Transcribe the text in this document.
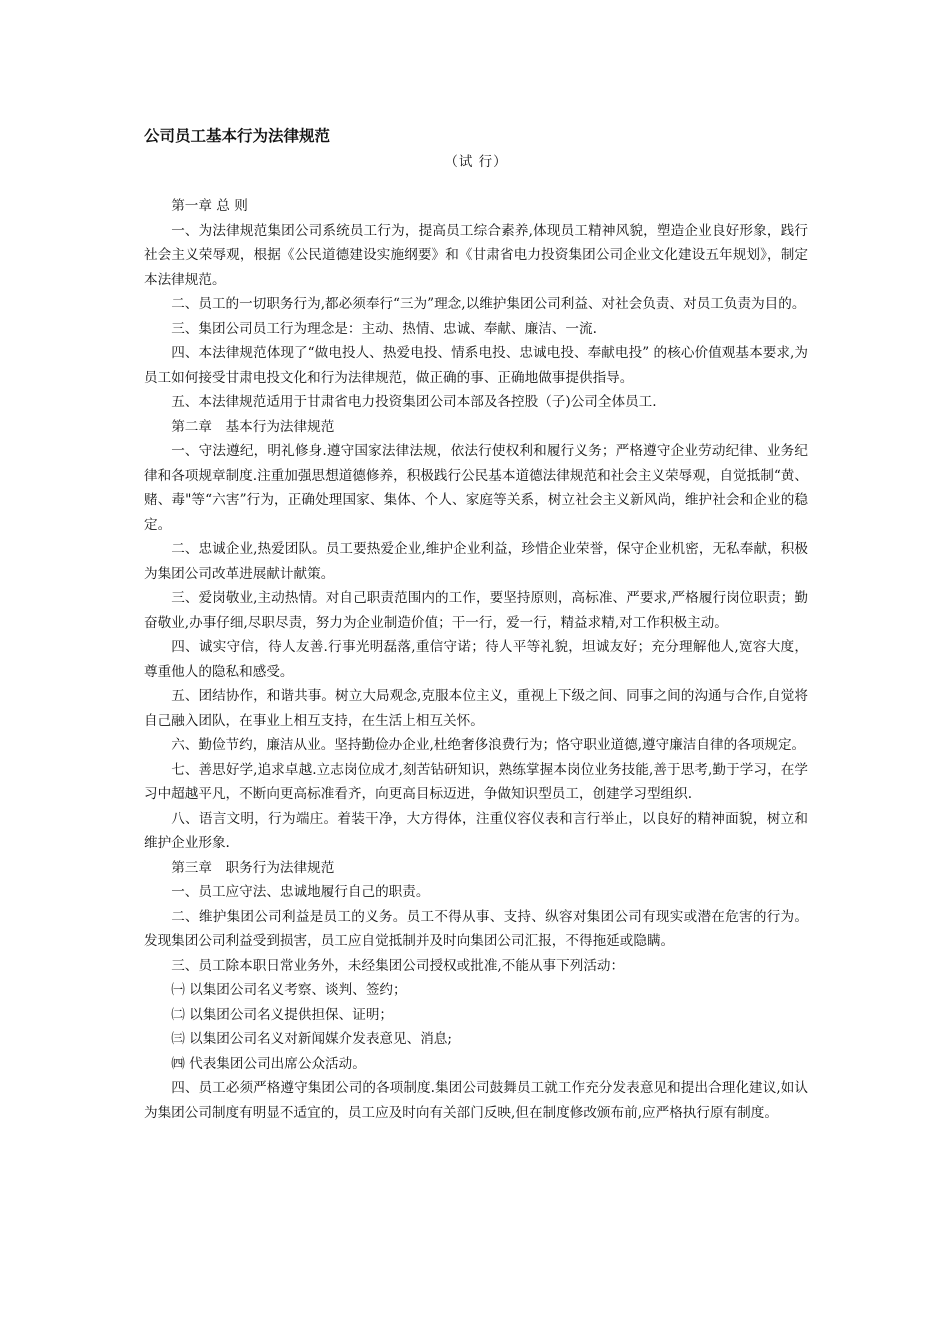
公司员工基本行为法律规范
（试 行）

第一章 总 则

一、为法律规范集团公司系统员工行为，提高员工综合素养,体现员工精神风貌，塑造企业良好形象，践行社会主义荣辱观，根据《公民道德建设实施纲要》和《甘肃省电力投资集团公司企业文化建设五年规划》，制定本法律规范。

二、员工的一切职务行为,都必须奉行“三为”理念,以维护集团公司利益、对社会负责、对员工负责为目的。

三、集团公司员工行为理念是：主动、热情、忠诚、奉献、廉洁、一流.

四、本法律规范体现了“做电投人、热爱电投、情系电投、忠诚电投、奉献电投” 的核心价值观基本要求,为员工如何接受甘肃电投文化和行为法律规范，做正确的事、正确地做事提供指导。

五、本法律规范适用于甘肃省电力投资集团公司本部及各控股（子)公司全体员工.

第二章　基本行为法律规范

一、守法遵纪，明礼修身.遵守国家法律法规，依法行使权利和履行义务；严格遵守企业劳动纪律、业务纪律和各项规章制度.注重加强思想道德修养，积极践行公民基本道德法律规范和社会主义荣辱观，自觉抵制“黄、赌、毒"等“六害”行为，正确处理国家、集体、个人、家庭等关系，树立社会主义新风尚，维护社会和企业的稳定。

二、忠诚企业,热爱团队。员工要热爱企业,维护企业利益，珍惜企业荣誉，保守企业机密，无私奉献，积极为集团公司改革进展献计献策。

三、爱岗敬业,主动热情。对自己职责范围内的工作，要坚持原则，高标准、严要求,严格履行岗位职责；勤奋敬业,办事仔细,尽职尽责，努力为企业制造价值；干一行，爱一行，精益求精,对工作积极主动。

四、诚实守信，待人友善.行事光明磊落,重信守诺；待人平等礼貌，坦诚友好；充分理解他人,宽容大度，尊重他人的隐私和感受。

五、团结协作，和谐共事。树立大局观念,克服本位主义，重视上下级之间、同事之间的沟通与合作,自觉将自己融入团队，在事业上相互支持，在生活上相互关怀。

六、勤俭节约，廉洁从业。坚持勤俭办企业,杜绝奢侈浪费行为；恪守职业道德,遵守廉洁自律的各项规定。

七、善思好学,追求卓越.立志岗位成才,刻苦钻研知识，熟练掌握本岗位业务技能,善于思考,勤于学习，在学习中超越平凡，不断向更高标准看齐，向更高目标迈进，争做知识型员工，创建学习型组织.

八、语言文明，行为端庄。着装干净，大方得体，注重仪容仪表和言行举止，以良好的精神面貌，树立和维护企业形象.

第三章　职务行为法律规范

一、员工应守法、忠诚地履行自己的职责。

二、维护集团公司利益是员工的义务。员工不得从事、支持、纵容对集团公司有现实或潜在危害的行为。发现集团公司利益受到损害，员工应自觉抵制并及时向集团公司汇报，不得拖延或隐瞒。

三、员工除本职日常业务外，未经集团公司授权或批准,不能从事下列活动：

㈠ 以集团公司名义考察、谈判、签约；

㈡ 以集团公司名义提供担保、证明；

㈢ 以集团公司名义对新闻媒介发表意见、消息;

㈣ 代表集团公司出席公众活动。

四、员工必须严格遵守集团公司的各项制度.集团公司鼓舞员工就工作充分发表意见和提出合理化建议,如认为集团公司制度有明显不适宜的，员工应及时向有关部门反映,但在制度修改颁布前,应严格执行原有制度。
